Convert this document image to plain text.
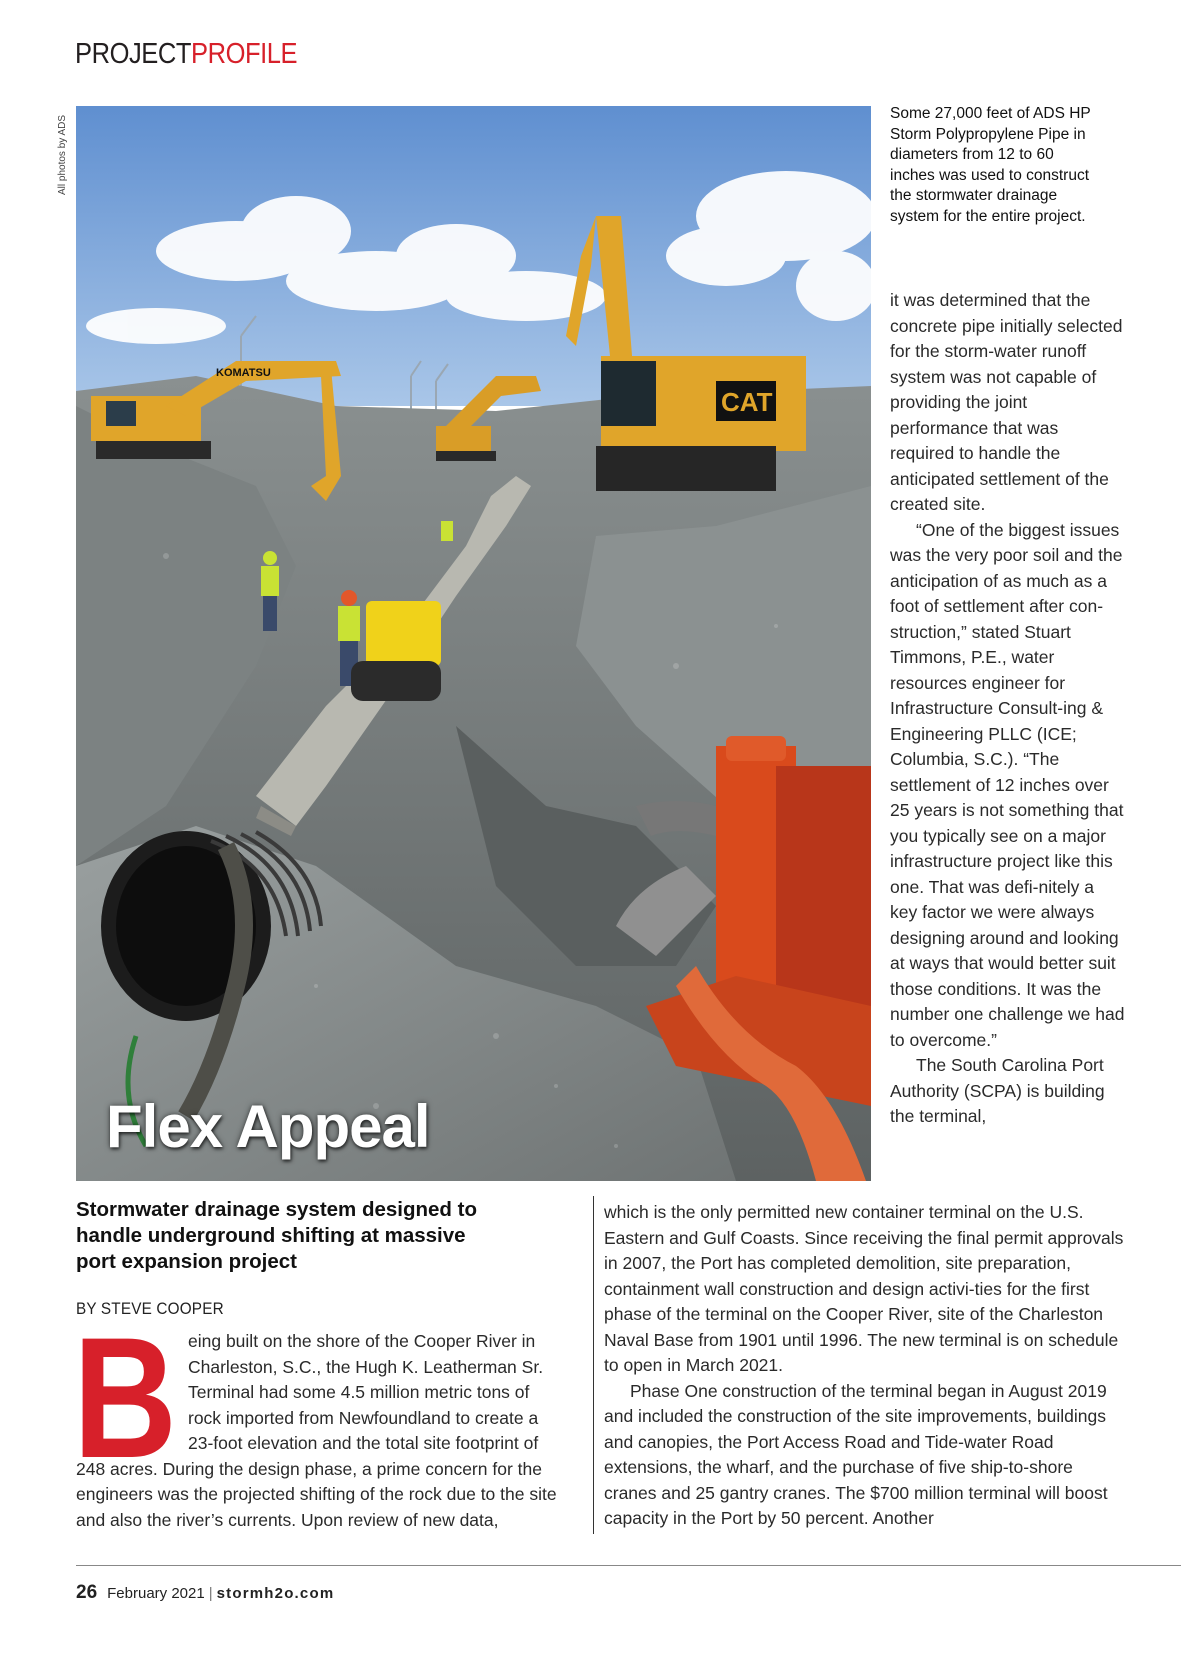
PROJECTPROFILE
All photos by ADS
KOMATSU
CAT
Flex Appeal
Some 27,000 feet of ADS HP Storm Polypropylene Pipe in diameters from 12 to 60 inches was used to construct the stormwater drainage system for the entire project.

it was determined that the concrete pipe initially selected for the storm-water runoff system was not capable of providing the joint performance that was required to handle the anticipated settlement of the created site.

“One of the biggest issues was the very poor soil and the anticipation of as much as a foot of settlement after con-struction,” stated Stuart Timmons, P.E., water resources engineer for Infrastructure Consult-ing & Engineering PLLC (ICE; Columbia, S.C.). “The settlement of 12 inches over 25 years is not something that you typically see on a major infrastructure project like this one. That was defi-nitely a key factor we were always designing around and looking at ways that would better suit those conditions. It was the number one challenge we had to overcome.”

The South Carolina Port Authority (SCPA) is building the terminal,

Stormwater drainage system designed to handle underground shifting at massive port expansion project
BY STEVE COOPER
B eing built on the shore of the Cooper River in
Charleston, S.C., the Hugh K. Leatherman Sr.
Terminal had some 4.5 million metric tons of
rock imported from Newfoundland to create a
23-foot elevation and the total site footprint of
248 acres. During the design phase, a prime concern for the engineers was the projected shifting of the rock due to the site and also the river’s currents. Upon review of new data,

which is the only permitted new container terminal on the U.S. Eastern and Gulf Coasts. Since receiving the final permit approvals in 2007, the Port has completed demolition, site preparation, containment wall construction and design activi-ties for the first phase of the terminal on the Cooper River, site of the Charleston Naval Base from 1901 until 1996. The new terminal is on schedule to open in March 2021.

Phase One construction of the terminal began in August 2019 and included the construction of the site improvements, buildings and canopies, the Port Access Road and Tide-water Road extensions, the wharf, and the purchase of five ship-to-shore cranes and 25 gantry cranes. The $700 million terminal will boost capacity in the Port by 50 percent. Another

26 February 2021 | stormh2o.com
